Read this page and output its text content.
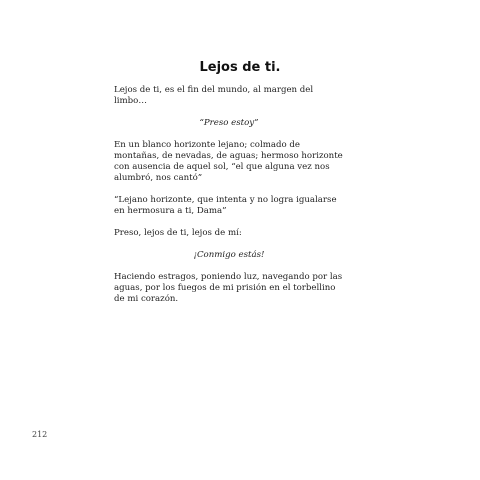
Lejos de ti.

Lejos de ti, es el fin del mundo, al margen del limbo…

“Preso estoy”

En un blanco horizonte lejano; colmado de montañas, de nevadas, de aguas; hermoso horizonte con ausencia de aquel sol, “el que alguna vez nos alumbró, nos cantó”

“Lejano horizonte, que intenta y no logra igualarse en hermosura a ti, Dama”

Preso, lejos de ti, lejos de mí:

¡Conmigo estás!

Haciendo estragos, poniendo luz, navegando por las aguas, por los fuegos de mi prisión en el torbellino de mi corazón.

212
